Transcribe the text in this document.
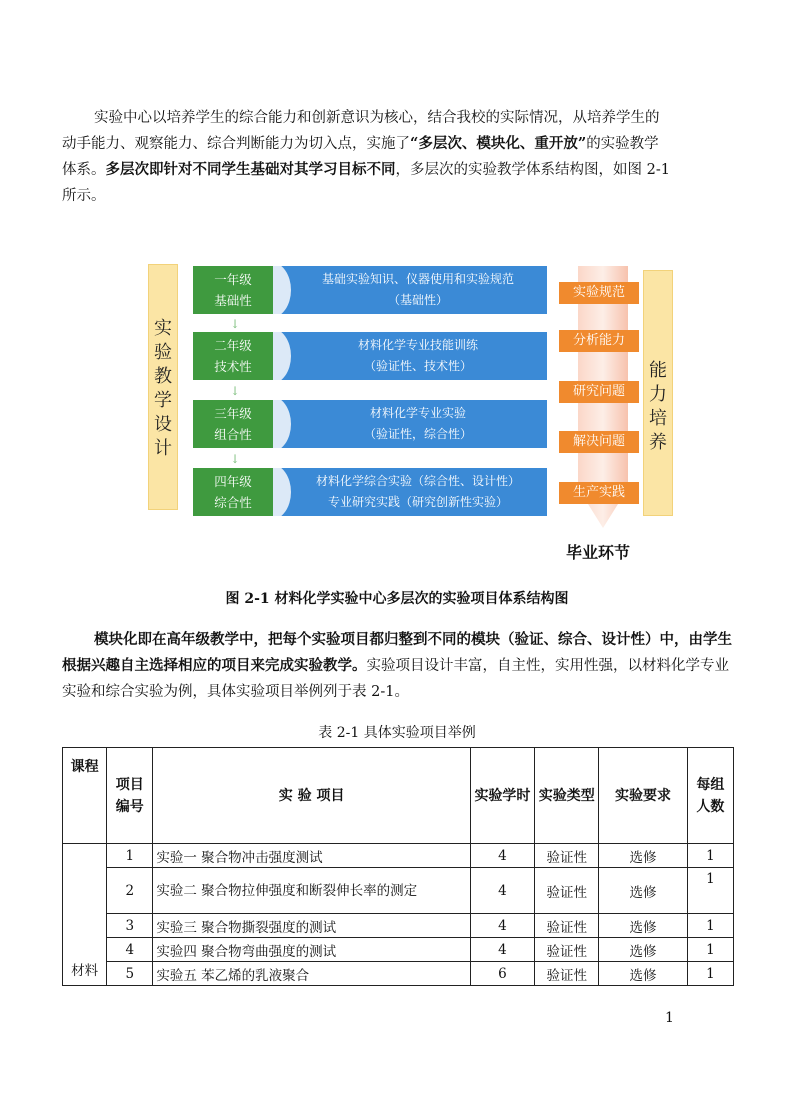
实验中心以培养学生的综合能力和创新意识为核心，结合我校的实际情况，从培养学生的
动手能力、观察能力、综合判断能力为切入点，实施了“多层次、模块化、重开放”的实验教学
体系。多层次即针对不同学生基础对其学习目标不同，多层次的实验教学体系结构图，如图 2-1
所示。
实
验
教
学
设
计
一年级
基础性
基础实验知识、仪器使用和实验规范
（基础性）
↓
二年级
技术性
材料化学专业技能训练
（验证性、技术性）
↓
三年级
组合性
材料化学专业实验
（验证性，综合性）
↓
四年级
综合性
材料化学综合实验（综合性、设计性）
专业研究实践（研究创新性实验）
实验规范
分析能力
研究问题
解决问题
生产实践
能
力
培
养
毕业环节
图 2-1 材料化学实验中心多层次的实验项目体系结构图
模块化即在高年级教学中，把每个实验项目都归整到不同的模块（验证、综合、设计性）中，由学生根据兴趣自主选择相应的项目来完成实验教学。实验项目设计丰富，自主性，实用性强，以材料化学专业实验和综合实验为例，具体实验项目举例列于表 2-1。
表 2-1 具体实验项目举例
课程	项目编号	实 验 项目	实验学时	实验类型	实验要求	每组人数
材料	1	实验一 聚合物冲击强度测试	4	验证性	选修	1
	2	实验二 聚合物拉伸强度和断裂伸长率的测定	4	验证性	选修	1
	3	实验三 聚合物撕裂强度的测试	4	验证性	选修	1
	4	实验四 聚合物弯曲强度的测试	4	验证性	选修	1
	5	实验五 苯乙烯的乳液聚合	6	验证性	选修	1
1
